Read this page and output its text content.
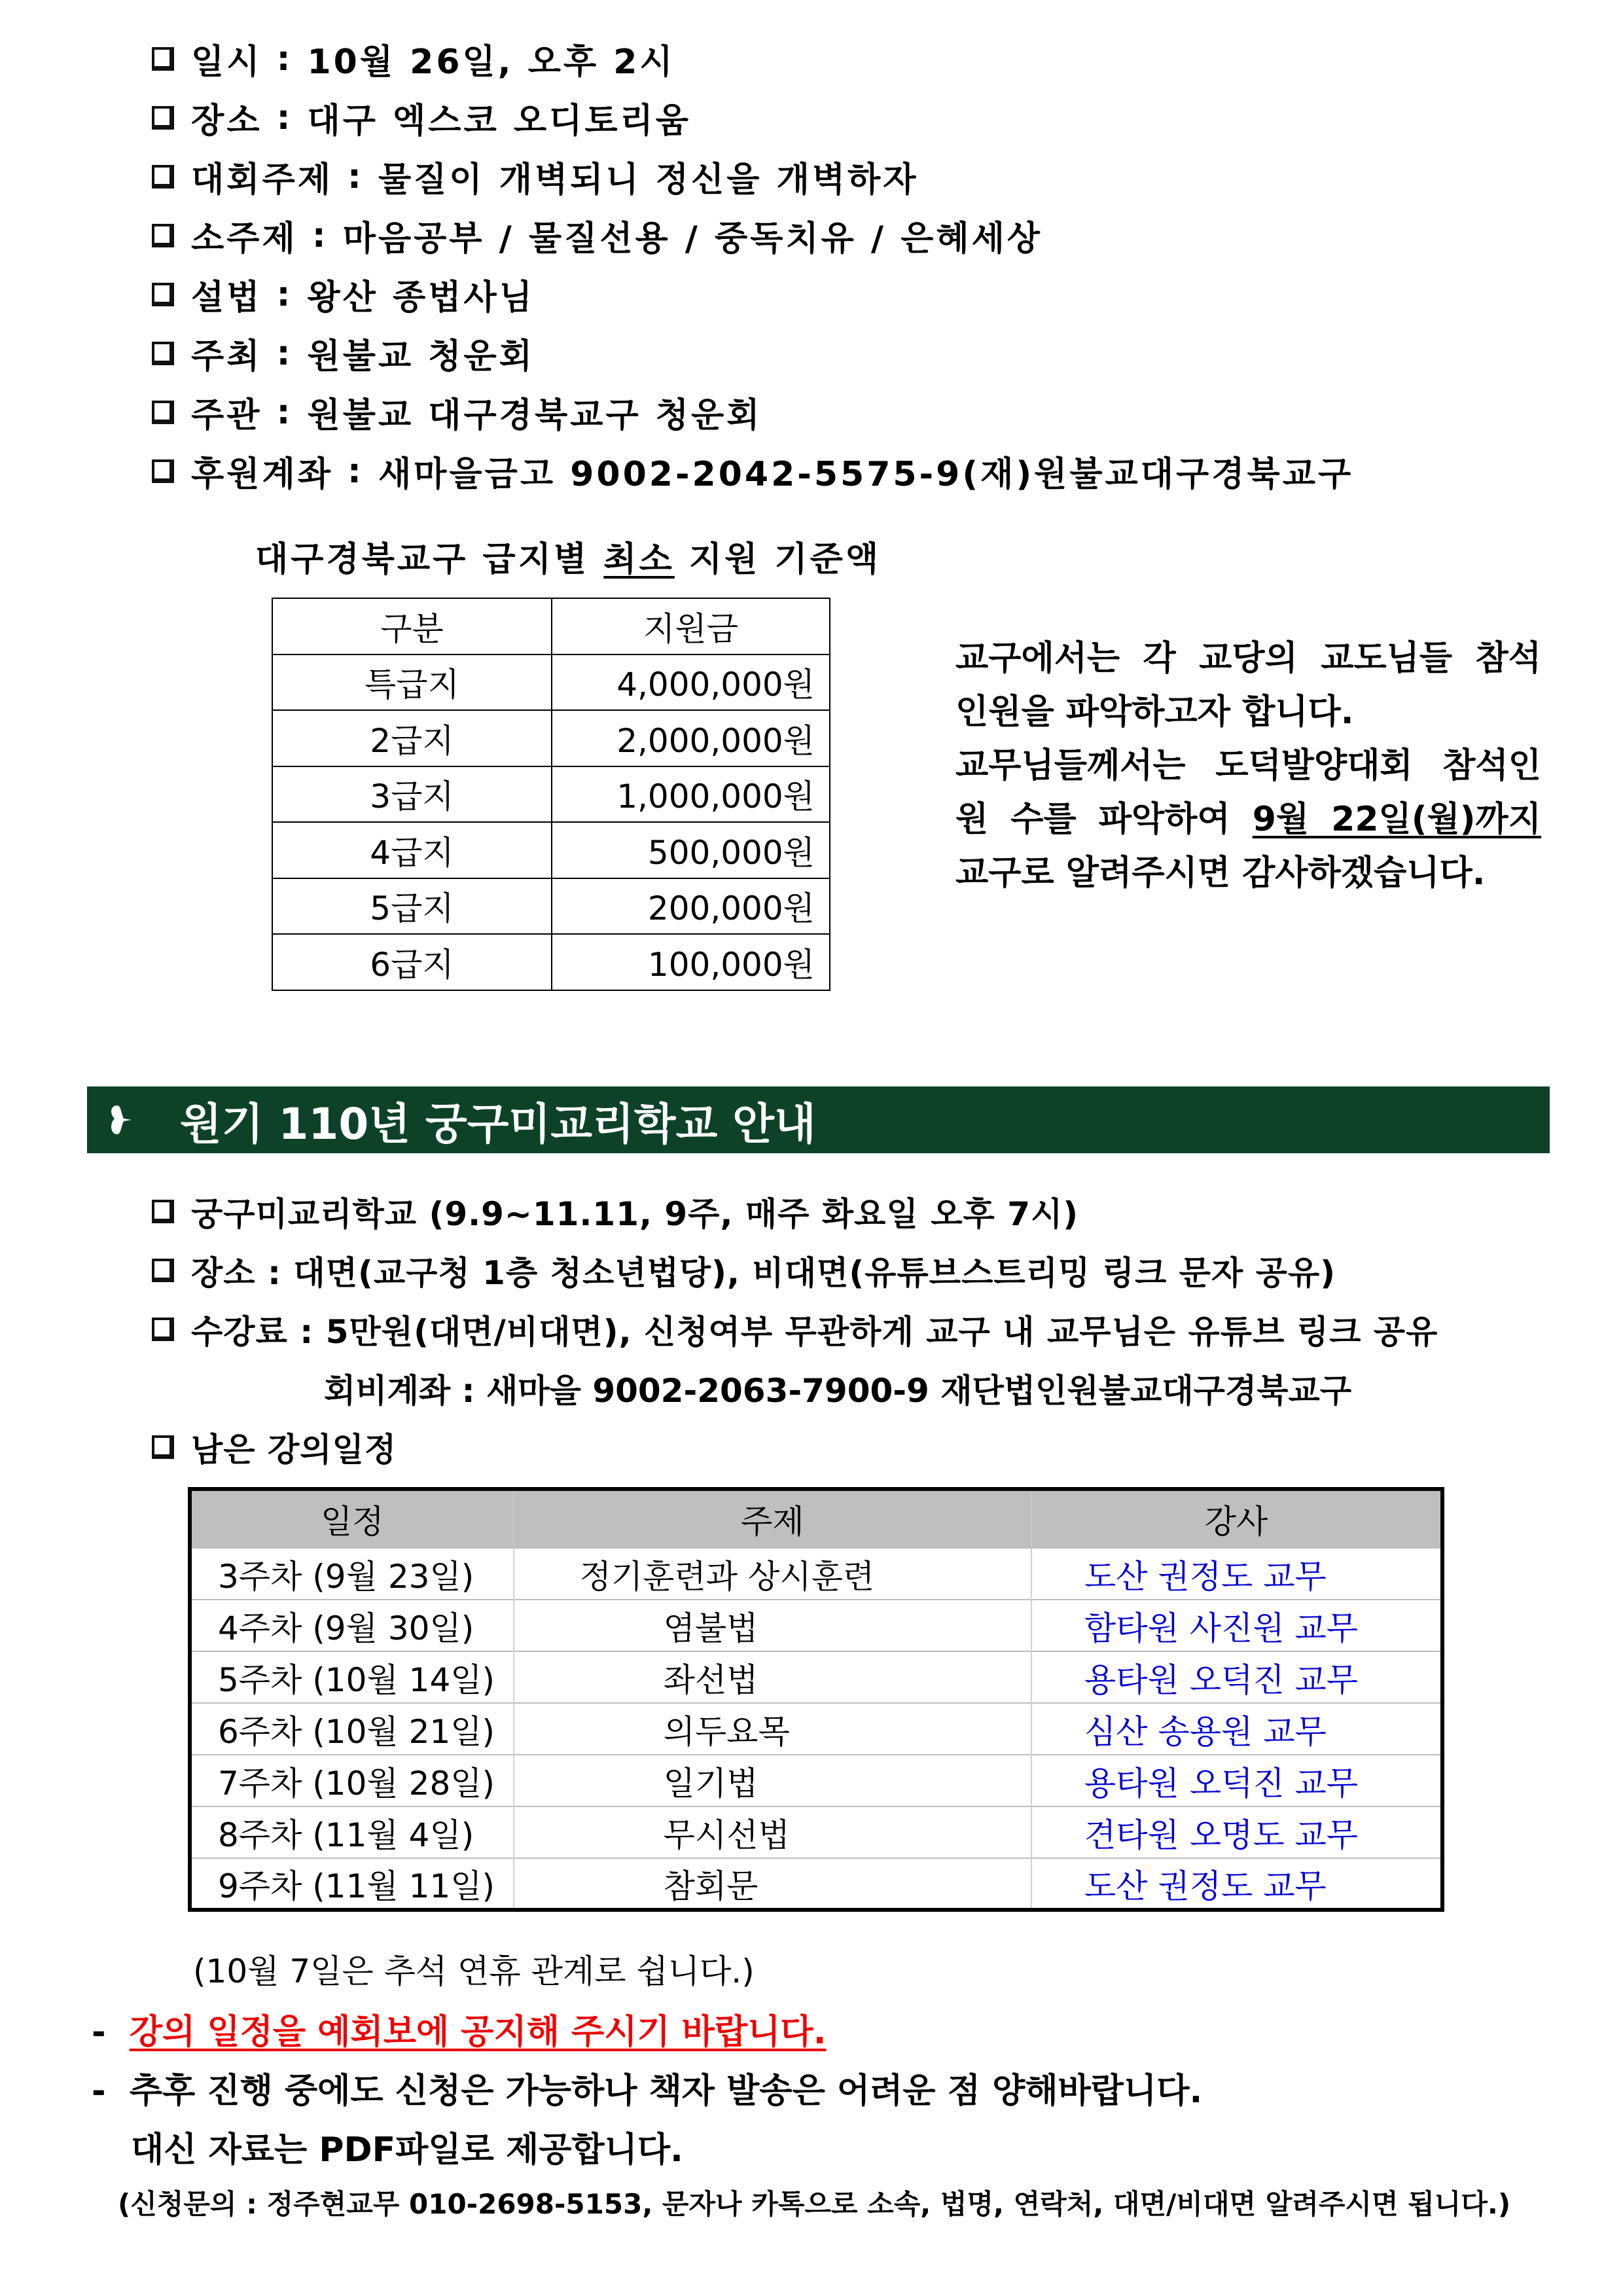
일시
:
10월 26일, 오후 2시
장소
:
대구 엑스코 오디토리움
대회주제
:
물질이 개벽되니 정신을 개벽하자
소주제
:
마음공부 / 물질선용 / 중독치유 / 은혜세상
설법
:
왕산 종법사님
주최
:
원불교 청운회
주관
:
원불교 대구경북교구 청운회
후원계좌
:
새마을금고 9002-2042-5575-9(재)원불교대구경북교구
대구경북교구 급지별 최소 지원 기준액
구분	지원금
특급지	4,000,000원
2급지	2,000,000원
3급지	1,000,000원
4급지	500,000원
5급지	200,000원
6급지	100,000원
교구에서는 각 교당의 교도님들 참석
인원을 파악하고자 합니다.
교무님들께서는 도덕발양대회 참석인
원 수를 파악하여 9월 22일(월)까지
교구로 알려주시면 감사하겠습니다.
원기 110년 궁구미교리학교 안내
궁구미교리학교 (9.9~11.11, 9주, 매주 화요일 오후 7시)
장소 : 대면(교구청 1층 청소년법당), 비대면(유튜브스트리밍 링크 문자 공유)
수강료 : 5만원(대면/비대면), 신청여부 무관하게 교구 내 교무님은 유튜브 링크 공유
회비계좌 : 새마을 9002-2063-7900-9 재단법인원불교대구경북교구
남은 강의일정
일정	주제	강사
3주차 (9월 23일)	정기훈련과 상시훈련	도산 권정도 교무
4주차 (9월 30일)	염불법	함타원 사진원 교무
5주차 (10월 14일)	좌선법	용타원 오덕진 교무
6주차 (10월 21일)	의두요목	심산 송용원 교무
7주차 (10월 28일)	일기법	용타원 오덕진 교무
8주차 (11월 4일)	무시선법	견타원 오명도 교무
9주차 (11월 11일)	참회문	도산 권정도 교무
(10월 7일은 추석 연휴 관계로 쉽니다.)
- 강의 일정을 예회보에 공지해 주시기 바랍니다.
- 추후 진행 중에도 신청은 가능하나 책자 발송은 어려운 점 양해바랍니다.
대신 자료는 PDF파일로 제공합니다.
(신청문의 : 정주현교무 010-2698-5153, 문자나 카톡으로 소속, 법명, 연락처, 대면/비대면 알려주시면 됩니다.)
